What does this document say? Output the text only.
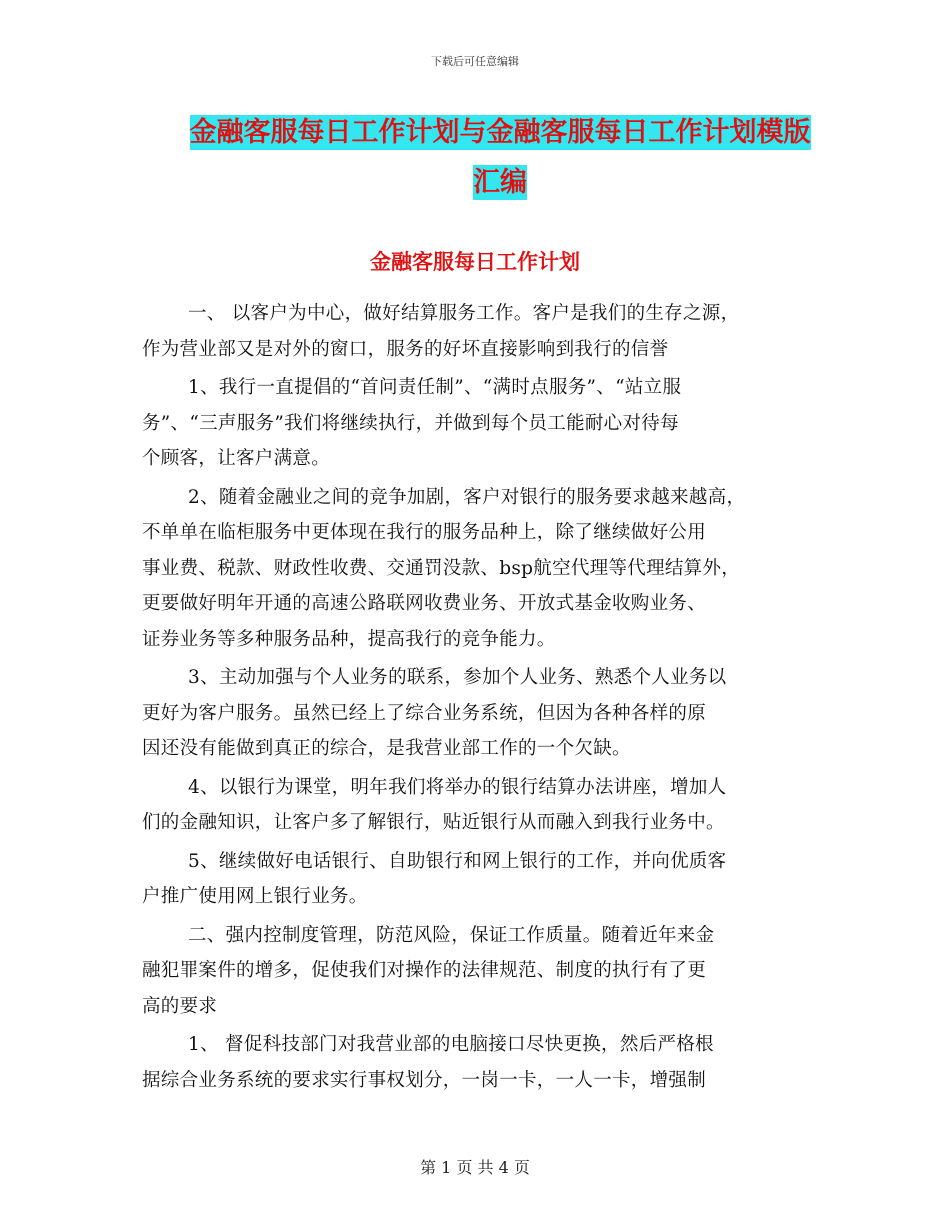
下载后可任意编辑
金融客服每日工作计划与金融客服每日工作计划模版
汇编
金融客服每日工作计划

一、 以客户为中心，做好结算服务工作。客户是我们的生存之源，
作为营业部又是对外的窗口，服务的好坏直接影响到我行的信誉

1、我行一直提倡的“首问责任制”、“满时点服务”、“站立服
务”、“三声服务”我们将继续执行，并做到每个员工能耐心对待每
个顾客，让客户满意。

2、随着金融业之间的竞争加剧，客户对银行的服务要求越来越高，
不单单在临柜服务中更体现在我行的服务品种上，除了继续做好公用
事业费、税款、财政性收费、交通罚没款、bsp航空代理等代理结算外，
更要做好明年开通的高速公路联网收费业务、开放式基金收购业务、
证券业务等多种服务品种，提高我行的竞争能力。

3、主动加强与个人业务的联系，参加个人业务、熟悉个人业务以
更好为客户服务。虽然已经上了综合业务系统，但因为各种各样的原
因还没有能做到真正的综合，是我营业部工作的一个欠缺。

4、以银行为课堂，明年我们将举办的银行结算办法讲座，增加人
们的金融知识，让客户多了解银行，贴近银行从而融入到我行业务中。

5、继续做好电话银行、自助银行和网上银行的工作，并向优质客
户推广使用网上银行业务。

二、强内控制度管理，防范风险，保证工作质量。随着近年来金
融犯罪案件的增多，促使我们对操作的法律规范、制度的执行有了更
高的要求

1、 督促科技部门对我营业部的电脑接口尽快更换，然后严格根
据综合业务系统的要求实行事权划分，一岗一卡，一人一卡，增强制

第 1 页 共 4 页
